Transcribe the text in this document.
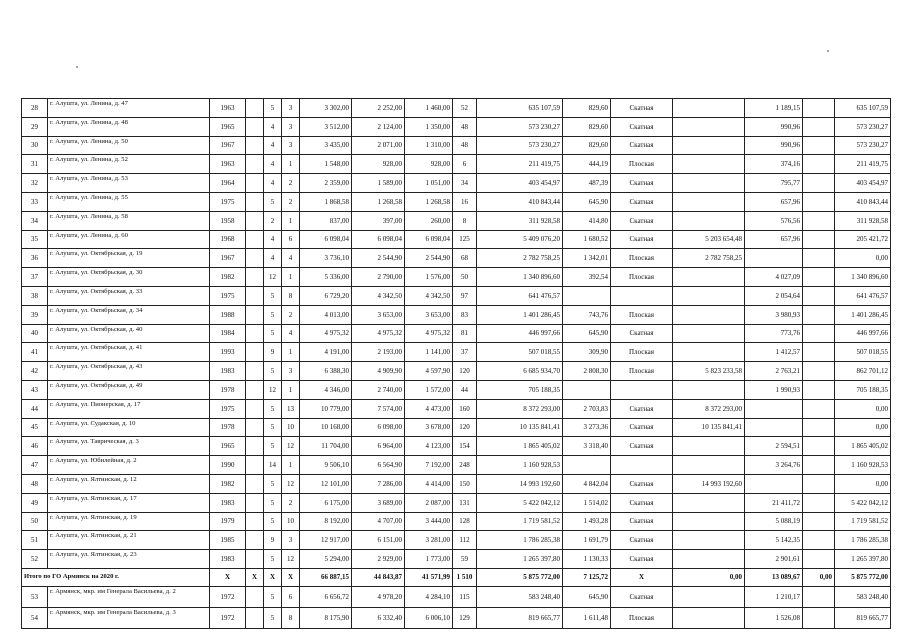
28	г. Алушта, ул. Ленина, д. 47	1963		5	3	3 302,00	2 252,00	1 460,00	52	635 107,59	829,60	Скатная		1 189,15		635 107,59
29	г. Алушта, ул. Ленина, д. 48	1965		4	3	3 512,00	2 124,00	1 350,00	48	573 230,27	829,60	Скатная		990,96		573 230,27
30	г. Алушта, ул. Ленина, д. 50	1967		4	3	3 435,00	2 071,00	1 310,00	48	573 230,27	829,60	Скатная		990,96		573 230,27
31	г. Алушта, ул. Ленина, д. 52	1963		4	1	1 548,00	928,00	928,00	6	211 419,75	444,19	Плоская		374,16		211 419,75
32	г. Алушта, ул. Ленина, д. 53	1964		4	2	2 359,00	1 589,00	1 051,00	34	403 454,97	487,39	Скатная		795,77		403 454,97
33	г. Алушта, ул. Ленина, д. 55	1975		5	2	1 868,58	1 268,58	1 268,58	16	410 843,44	645,90	Скатная		657,96		410 843,44
34	г. Алушта, ул. Ленина, д. 58	1958		2	1	837,00	397,00	260,00	8	311 928,58	414,80	Скатная		576,56		311 928,58
35	г. Алушта, ул. Ленина, д. 60	1968		4	6	6 098,04	6 098,04	6 098,04	125	5 409 076,20	1 680,52	Скатная	5 203 654,48	657,96		205 421,72
36	г. Алушта, ул. Октябрьская, д. 19	1967		4	4	3 736,10	2 544,90	2 544,90	68	2 782 758,25	1 342,01	Плоская	2 782 758,25			0,00
37	г. Алушта, ул. Октябрьская, д. 30	1982		12	1	5 336,00	2 790,00	1 576,00	50	1 340 896,60	392,54	Плоская		4 027,09		1 340 896,60
38	г. Алушта, ул. Октябрьская, д. 33	1975		5	8	6 729,20	4 342,50	4 342,50	97	641 476,57				2 054,64		641 476,57
39	г. Алушта, ул. Октябрьская, д. 34	1988		5	2	4 013,00	3 653,00	3 653,00	83	1 401 286,45	743,76	Плоская		3 980,93		1 401 286,45
40	г. Алушта, ул. Октябрьская, д. 40	1984		5	4	4 975,32	4 975,32	4 975,32	81	446 997,66	645,90	Скатная		773,76		446 997,66
41	г. Алушта, ул. Октябрьская, д. 41	1993		9	1	4 191,00	2 193,00	1 141,00	37	507 018,55	309,90	Плоская		1 412,57		507 018,55
42	г. Алушта, ул. Октябрьская, д. 43	1983		5	3	6 388,30	4 909,90	4 597,90	120	6 685 934,70	2 808,30	Плоская	5 823 233,58	2 763,21		862 701,12
43	г. Алушта, ул. Октябрьская, д. 49	1978		12	1	4 346,00	2 740,00	1 572,00	44	705 188,35				1 990,93		705 188,35
44	г. Алушта, ул. Пионерская, д. 17	1975		5	13	10 779,00	7 574,00	4 473,00	160	8 372 293,00	2 703,83	Скатная	8 372 293,00			0,00
45	г. Алушта, ул. Судакская, д. 10	1978		5	10	10 168,00	6 098,00	3 678,00	120	10 135 841,41	3 273,36	Скатная	10 135 841,41			0,00
46	г. Алушта, ул. Таврическая, д. 3	1965		5	12	11 704,00	6 964,00	4 123,00	154	1 865 405,02	3 318,40	Скатная		2 594,51		1 865 405,02
47	г. Алушта, ул. Юбилейная, д. 2	1990		14	1	9 506,10	6 564,90	7 192,00	248	1 160 928,53				3 264,76		1 160 928,53
48	г. Алушта, ул. Ялтинская, д. 12	1982		5	12	12 101,00	7 286,00	4 414,00	150	14 993 192,60	4 842,04	Скатная	14 993 192,60			0,00
49	г. Алушта, ул. Ялтинская, д. 17	1983		5	2	6 175,00	3 689,00	2 087,00	131	5 422 042,12	1 514,02	Скатная		21 411,72		5 422 042,12
50	г. Алушта, ул. Ялтинская, д. 19	1979		5	10	8 192,00	4 707,00	3 444,00	128	1 719 581,52	1 493,28	Скатная		5 088,19		1 719 581,52
51	г. Алушта, ул. Ялтинская, д. 21	1985		9	3	12 917,00	6 151,00	3 281,00	112	1 786 285,38	1 691,79	Скатная		5 142,35		1 786 285,38
52	г. Алушта, ул. Ялтинская, д. 23	1983		5	12	5 294,00	2 929,00	1 773,00	59	1 265 397,80	1 130,33	Скатная		2 901,61		1 265 397,80
Итого по ГО Армянск на 2020 г.		X	X	X	X	66 887,15	44 843,87	41 571,99	1 510	5 875 772,00	7 125,72	X	0,00	13 089,67	0,00	5 875 772,00
53	г. Армянск, мкр. им Генерала Васильева, д. 2	1972		5	6	6 656,72	4 978,20	4 284,10	115	583 248,40	645,90	Скатная		1 210,17		583 248,40
54	г. Армянск, мкр. им Генерала Васильева, д. 3	1972		5	8	8 175,90	6 332,40	6 006,10	129	819 665,77	1 611,48	Плоская		1 526,08		819 665,77
